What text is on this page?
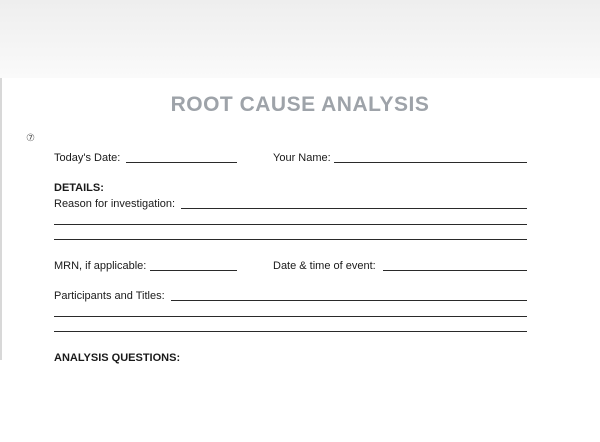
ROOT CAUSE ANALYSIS
⑦
Today's Date:	Your Name:
DETAILS:
Reason for investigation:
MRN, if applicable:	Date & time of event:
Participants and Titles:
ANALYSIS QUESTIONS:
